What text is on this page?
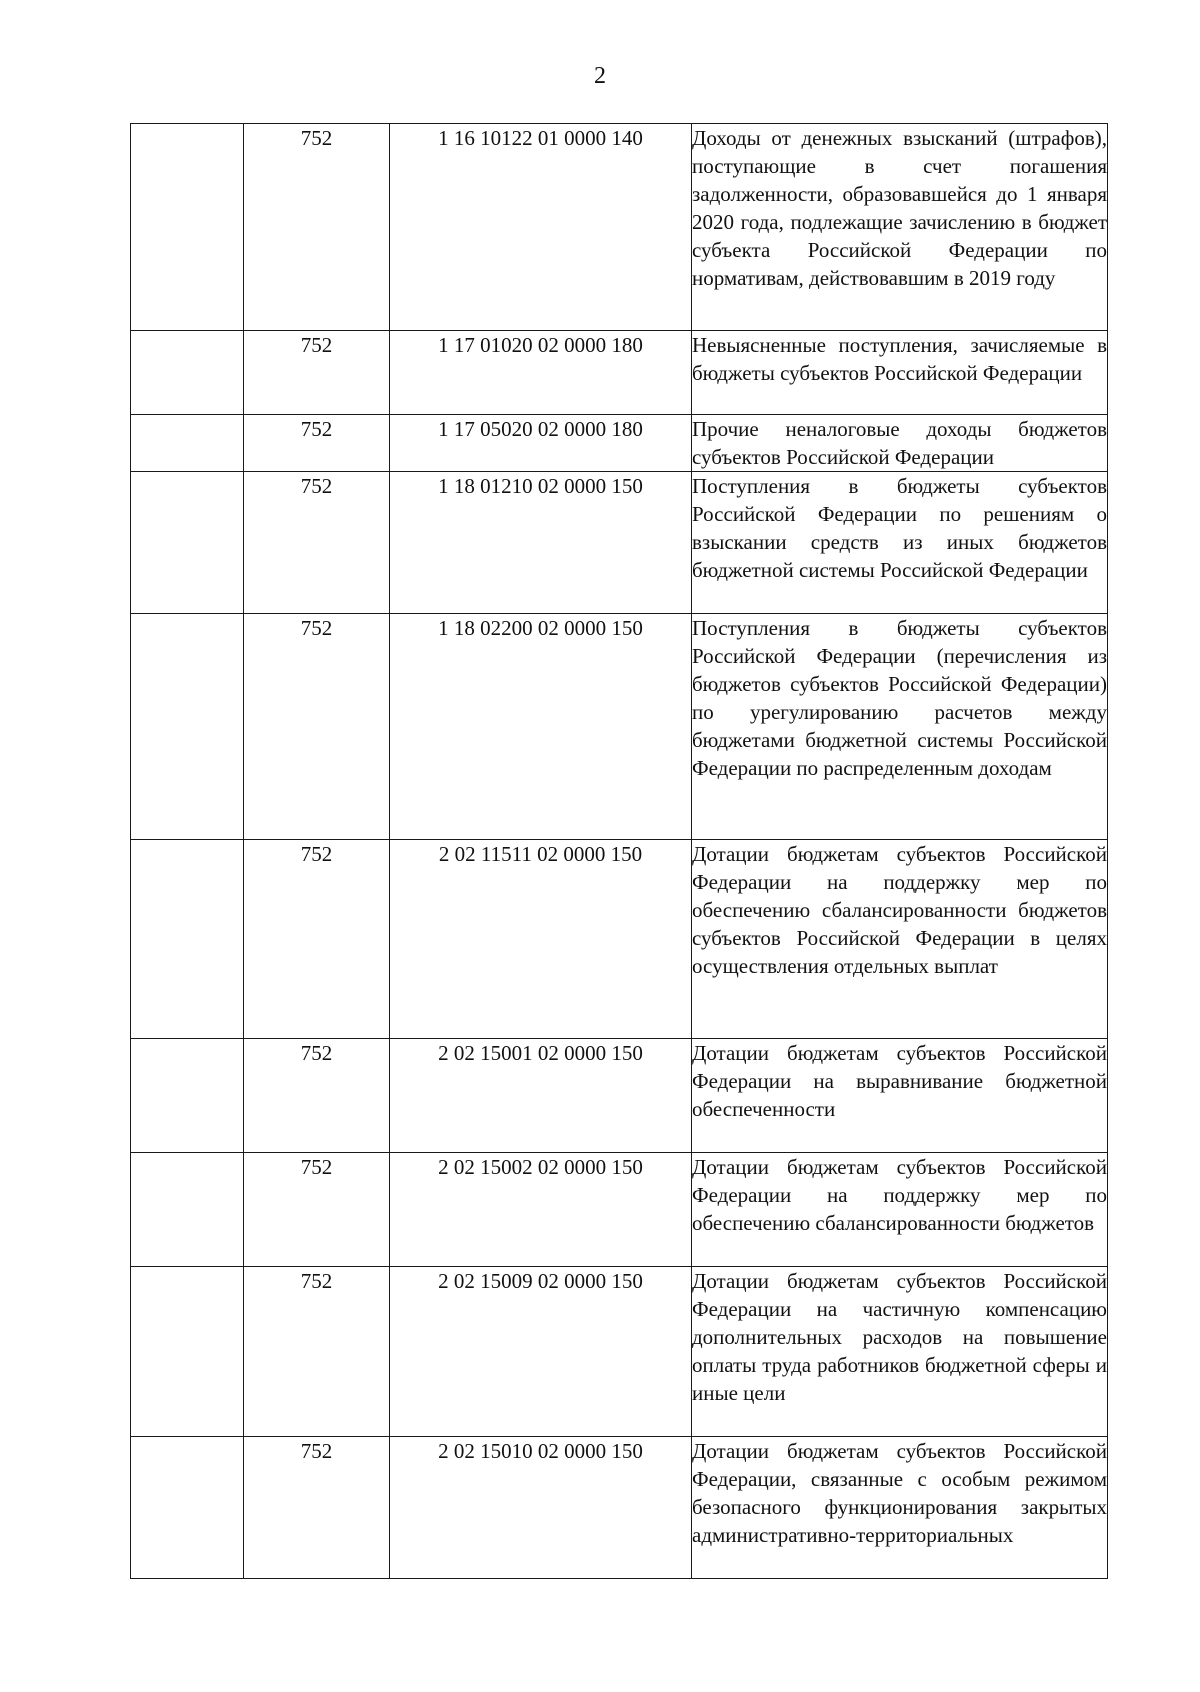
2
	752	1 16 10122 01 0000 140	Доходы от денежных взысканий (штрафов), поступающие в счет погашения задолженности, образовавшейся до 1 января 2020 года, подлежащие зачислению в бюджет субъекта Российской Федерации по нормативам, действовавшим в 2019 году
	752	1 17 01020 02 0000 180	Невыясненные поступления, зачисляемые в бюджеты субъектов Российской Федерации
	752	1 17 05020 02 0000 180	Прочие неналоговые доходы бюджетов субъектов Российской Федерации
	752	1 18 01210 02 0000 150	Поступления в бюджеты субъектов Российской Федерации по решениям о взыскании средств из иных бюджетов бюджетной системы Российской Федерации
	752	1 18 02200 02 0000 150	Поступления в бюджеты субъектов Российской Федерации (перечисления из бюджетов субъектов Российской Федерации) по урегулированию расчетов между бюджетами бюджетной системы Российской Федерации по распределенным доходам
	752	2 02 11511 02 0000 150	Дотации бюджетам субъектов Российской Федерации на поддержку мер по обеспечению сбалансированности бюджетов субъектов Российской Федерации в целях осуществления отдельных выплат
	752	2 02 15001 02 0000 150	Дотации бюджетам субъектов Российской Федерации на выравнивание бюджетной обеспеченности
	752	2 02 15002 02 0000 150	Дотации бюджетам субъектов Российской Федерации на поддержку мер по обеспечению сбалансированности бюджетов
	752	2 02 15009 02 0000 150	Дотации бюджетам субъектов Российской Федерации на частичную компенсацию дополнительных расходов на повышение оплаты труда работников бюджетной сферы и иные цели
	752	2 02 15010 02 0000 150	Дотации бюджетам субъектов Российской Федерации, связанные с особым режимом безопасного функционирования закрытых административно-территориальных
